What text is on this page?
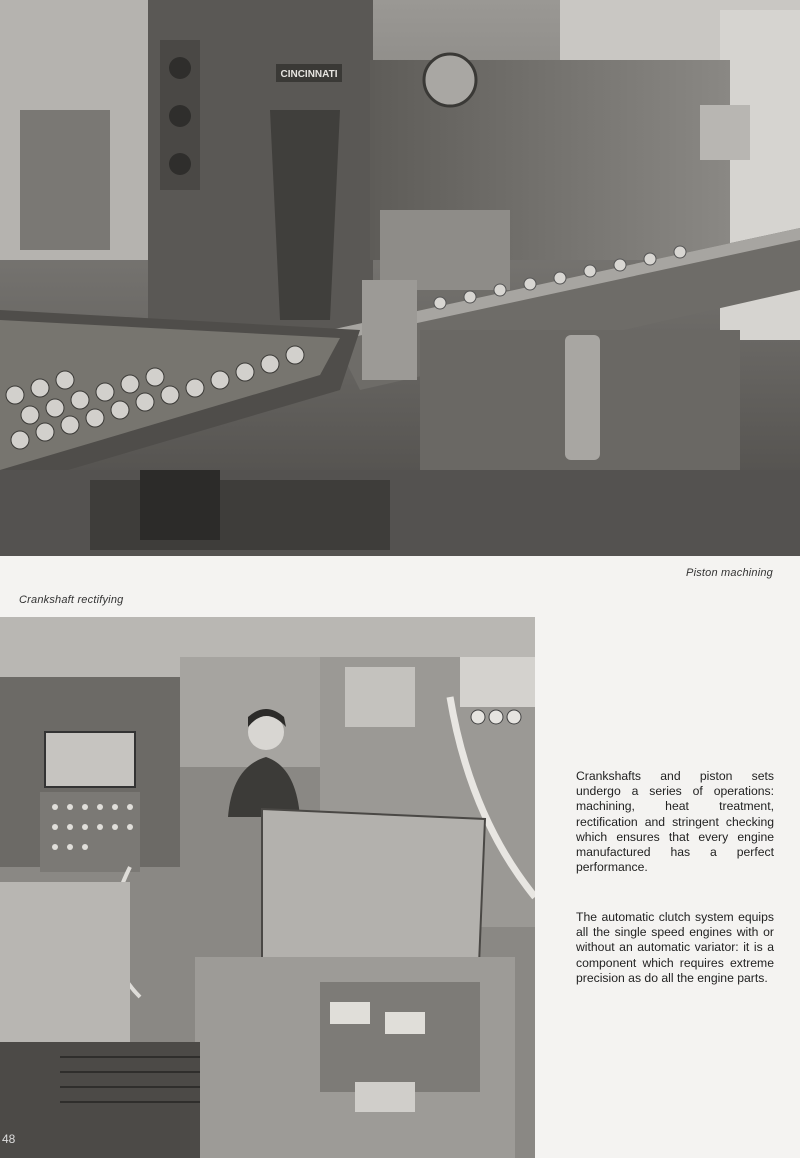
CINCINNATI
Piston machining
Crankshaft rectifying
Crankshafts and piston sets undergo a series of operations: machining, heat treatment, rectification and stringent checking which ensures that every engine manufactured has a perfect performance.
The automatic clutch system equips all the single speed engines with or without an automatic variator: it is a component which requires extreme precision as do all the engine parts.
48
